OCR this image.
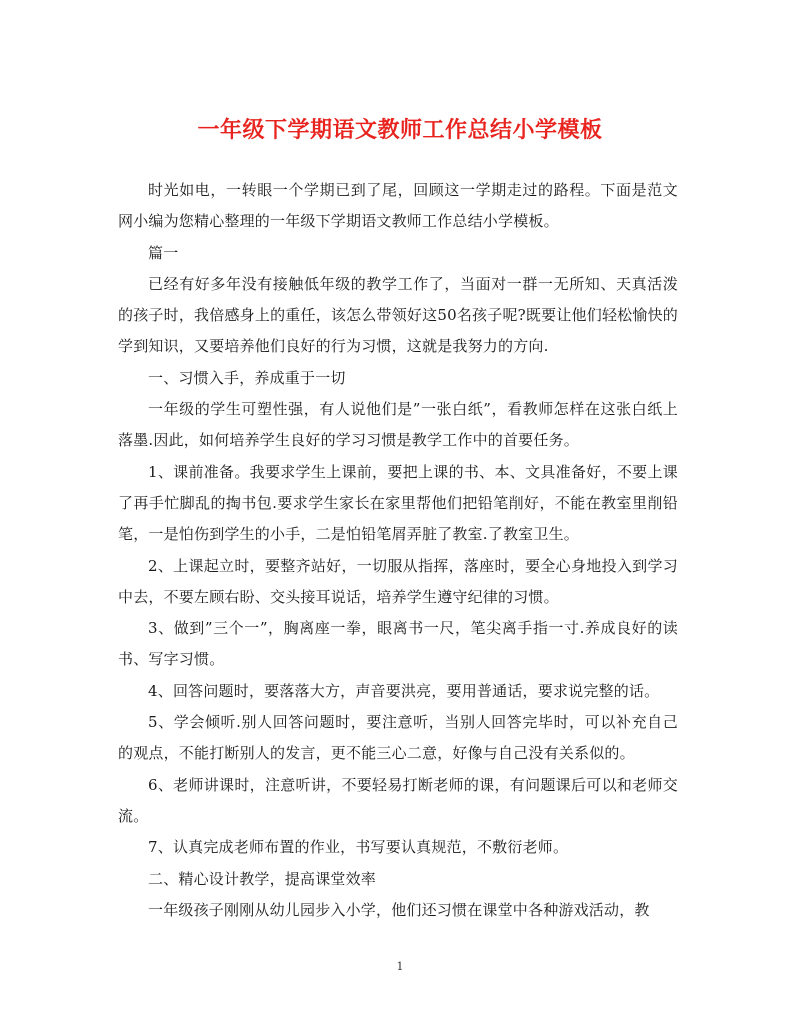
一年级下学期语文教师工作总结小学模板

时光如电，一转眼一个学期已到了尾，回顾这一学期走过的路程。下面是范文网小编为您精心整理的一年级下学期语文教师工作总结小学模板。

篇一

已经有好多年没有接触低年级的教学工作了，当面对一群一无所知、天真活泼的孩子时，我倍感身上的重任，该怎么带领好这50名孩子呢?既要让他们轻松愉快的学到知识，又要培养他们良好的行为习惯，这就是我努力的方向.

一、习惯入手，养成重于一切

一年级的学生可塑性强，有人说他们是”一张白纸”，看教师怎样在这张白纸上落墨.因此，如何培养学生良好的学习习惯是教学工作中的首要任务。

1、课前准备。我要求学生上课前，要把上课的书、本、文具准备好，不要上课了再手忙脚乱的掏书包.要求学生家长在家里帮他们把铅笔削好，不能在教室里削铅笔，一是怕伤到学生的小手，二是怕铅笔屑弄脏了教室.了教室卫生。

2、上课起立时，要整齐站好，一切服从指挥，落座时，要全心身地投入到学习中去，不要左顾右盼、交头接耳说话，培养学生遵守纪律的习惯。

3、做到”三个一”，胸离座一拳，眼离书一尺，笔尖离手指一寸.养成良好的读书、写字习惯。

4、回答问题时，要落落大方，声音要洪亮，要用普通话，要求说完整的话。

5、学会倾听.别人回答问题时，要注意听，当别人回答完毕时，可以补充自己的观点，不能打断别人的发言，更不能三心二意，好像与自己没有关系似的。

6、老师讲课时，注意听讲，不要轻易打断老师的课，有问题课后可以和老师交流。

7、认真完成老师布置的作业，书写要认真规范，不敷衍老师。

二、精心设计教学，提高课堂效率

一年级孩子刚刚从幼儿园步入小学，他们还习惯在课堂中各种游戏活动，教

1
